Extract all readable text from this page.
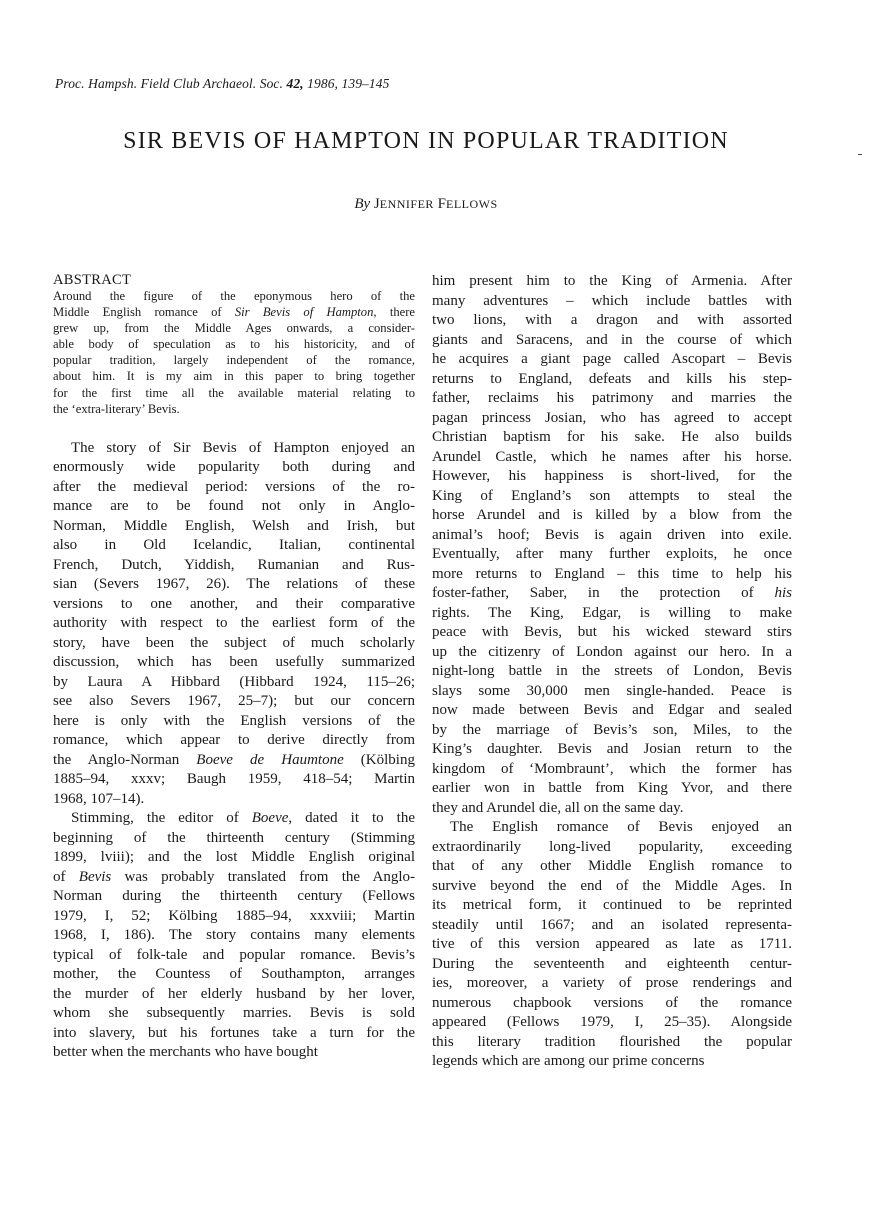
Proc. Hampsh. Field Club Archaeol. Soc. 42, 1986, 139–145
SIR BEVIS OF HAMPTON IN POPULAR TRADITION
By JENNIFER FELLOWS
ABSTRACT

Around the figure of the eponymous hero of the
Middle English romance of Sir Bevis of Hampton, there
grew up, from the Middle Ages onwards, a consider-
able body of speculation as to his historicity, and of
popular tradition, largely independent of the romance,
about him. It is my aim in this paper to bring together
for the first time all the available material relating to
the ‘extra-literary’ Bevis.

The story of Sir Bevis of Hampton enjoyed an
enormously wide popularity both during and
after the medieval period: versions of the ro-
mance are to be found not only in Anglo-
Norman, Middle English, Welsh and Irish, but
also in Old Icelandic, Italian, continental
French, Dutch, Yiddish, Rumanian and Rus-
sian (Severs 1967, 26). The relations of these
versions to one another, and their comparative
authority with respect to the earliest form of the
story, have been the subject of much scholarly
discussion, which has been usefully summarized
by Laura A Hibbard (Hibbard 1924, 115–26;
see also Severs 1967, 25–7); but our concern
here is only with the English versions of the
romance, which appear to derive directly from
the Anglo-Norman Boeve de Haumtone (Kölbing
1885–94, xxxv; Baugh 1959, 418–54; Martin
1968, 107–14).

Stimming, the editor of Boeve, dated it to the
beginning of the thirteenth century (Stimming
1899, lviii); and the lost Middle English original
of Bevis was probably translated from the Anglo-
Norman during the thirteenth century (Fellows
1979, I, 52; Kölbing 1885–94, xxxviii; Martin
1968, I, 186). The story contains many elements
typical of folk-tale and popular romance. Bevis’s
mother, the Countess of Southampton, arranges
the murder of her elderly husband by her lover,
whom she subsequently marries. Bevis is sold
into slavery, but his fortunes take a turn for the
better when the merchants who have bought

him present him to the King of Armenia. After
many adventures – which include battles with
two lions, with a dragon and with assorted
giants and Saracens, and in the course of which
he acquires a giant page called Ascopart – Bevis
returns to England, defeats and kills his step-
father, reclaims his patrimony and marries the
pagan princess Josian, who has agreed to accept
Christian baptism for his sake. He also builds
Arundel Castle, which he names after his horse.
However, his happiness is short-lived, for the
King of England’s son attempts to steal the
horse Arundel and is killed by a blow from the
animal’s hoof; Bevis is again driven into exile.
Eventually, after many further exploits, he once
more returns to England – this time to help his
foster-father, Saber, in the protection of his
rights. The King, Edgar, is willing to make
peace with Bevis, but his wicked steward stirs
up the citizenry of London against our hero. In a
night-long battle in the streets of London, Bevis
slays some 30,000 men single-handed. Peace is
now made between Bevis and Edgar and sealed
by the marriage of Bevis’s son, Miles, to the
King’s daughter. Bevis and Josian return to the
kingdom of ‘Mombraunt’, which the former has
earlier won in battle from King Yvor, and there
they and Arundel die, all on the same day.

The English romance of Bevis enjoyed an
extraordinarily long-lived popularity, exceeding
that of any other Middle English romance to
survive beyond the end of the Middle Ages. In
its metrical form, it continued to be reprinted
steadily until 1667; and an isolated representa-
tive of this version appeared as late as 1711.
During the seventeenth and eighteenth centur-
ies, moreover, a variety of prose renderings and
numerous chapbook versions of the romance
appeared (Fellows 1979, I, 25–35). Alongside
this literary tradition flourished the popular
legends which are among our prime concerns
